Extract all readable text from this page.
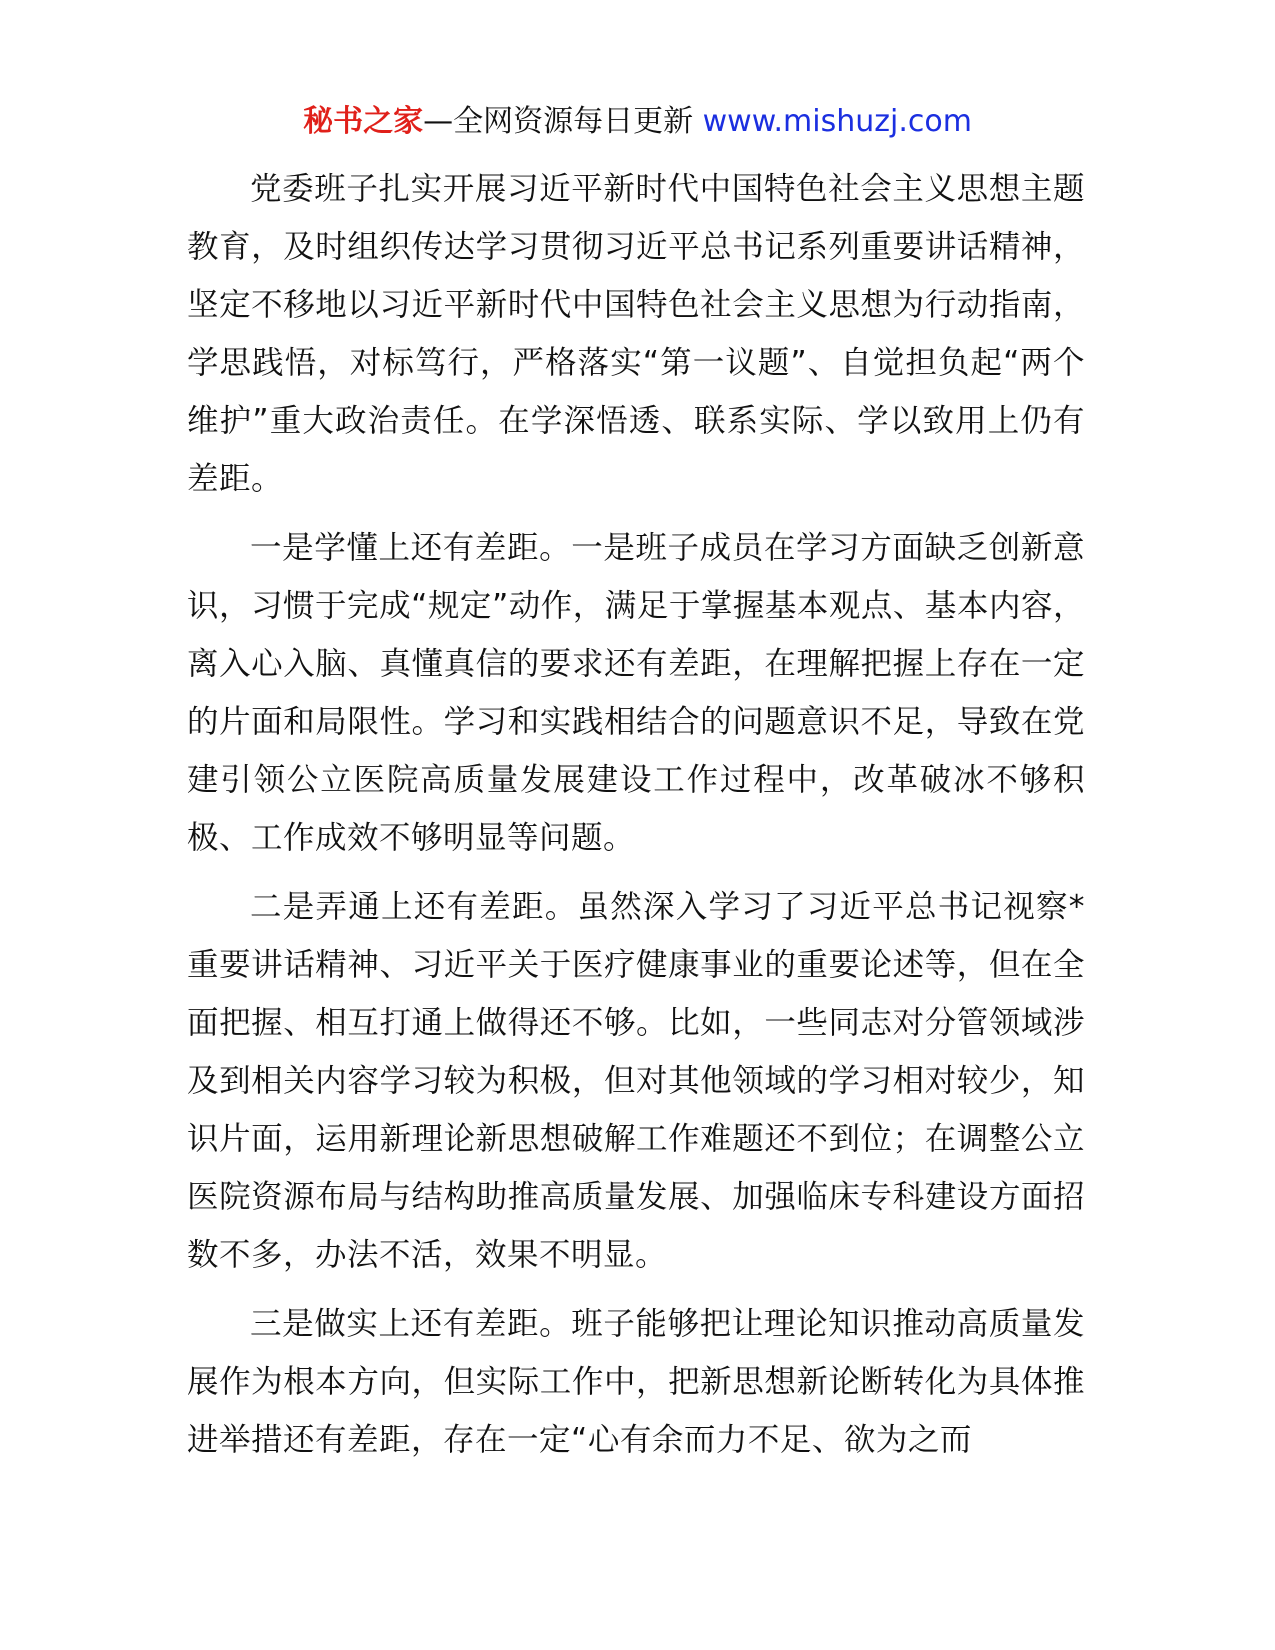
秘书之家—全网资源每日更新 www.mishuzj.com

党委班子扎实开展习近平新时代中国特色社会主义思想主题教育，及时组织传达学习贯彻习近平总书记系列重要讲话精神，坚定不移地以习近平新时代中国特色社会主义思想为行动指南，学思践悟，对标笃行，严格落实“第一议题”、自觉担负起“两个维护”重大政治责任。在学深悟透、联系实际、学以致用上仍有差距。

一是学懂上还有差距。一是班子成员在学习方面缺乏创新意识，习惯于完成“规定”动作，满足于掌握基本观点、基本内容，离入心入脑、真懂真信的要求还有差距，在理解把握上存在一定的片面和局限性。学习和实践相结合的问题意识不足，导致在党建引领公立医院高质量发展建设工作过程中，改革破冰不够积极、工作成效不够明显等问题。

二是弄通上还有差距。虽然深入学习了习近平总书记视察*重要讲话精神、习近平关于医疗健康事业的重要论述等，但在全面把握、相互打通上做得还不够。比如，一些同志对分管领域涉及到相关内容学习较为积极，但对其他领域的学习相对较少，知识片面，运用新理论新思想破解工作难题还不到位；在调整公立医院资源布局与结构助推高质量发展、加强临床专科建设方面招数不多，办法不活，效果不明显。

三是做实上还有差距。班子能够把让理论知识推动高质量发展作为根本方向，但实际工作中，把新思想新论断转化为具体推进举措还有差距，存在一定“心有余而力不足、欲为之而
